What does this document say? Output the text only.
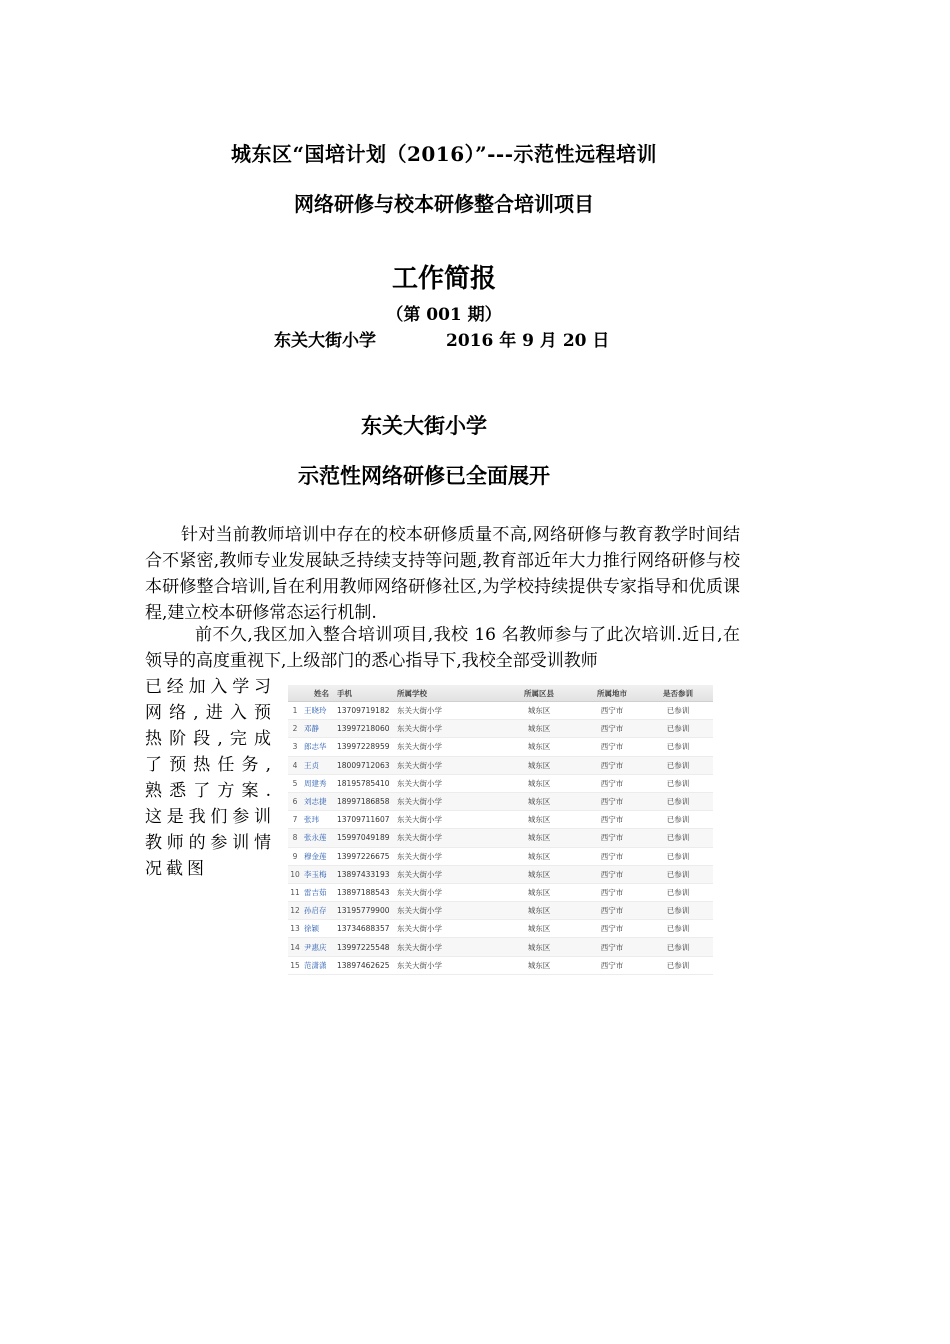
城东区“国培计划（2016）”---示范性远程培训
网络研修与校本研修整合培训项目
工作简报
（第 001 期）
东关大街小学	2016 年 9 月 20 日
东关大街小学
示范性网络研修已全面展开
针对当前教师培训中存在的校本研修质量不高,网络研修与教育教学时间结合不紧密,教师专业发展缺乏持续支持等问题,教育部近年大力推行网络研修与校本研修整合培训,旨在利用教师网络研修社区,为学校持续提供专家指导和优质课程,建立校本研修常态运行机制.
前不久,我区加入整合培训项目,我校 16 名教师参与了此次培训.近日,在领导的高度重视下,上级部门的悉心指导下,我校全部受训教师
已经加入学习网络,进入预热阶段,完成了预热任务,熟悉了方案.这是我们参训教师的参训情况截图
姓名	手机	所属学校	所属区县	所属地市	是否参训
1 王晓玲	13709719182	东关大街小学	城东区	西宁市	已参训
2 邓静	13997218060	东关大街小学	城东区	西宁市	已参训
3 郎志华	13997228959	东关大街小学	城东区	西宁市	已参训
4 王贞	18009712063	东关大街小学	城东区	西宁市	已参训
5 周建秀	18195785410	东关大街小学	城东区	西宁市	已参训
6 刘志捷	18997186858	东关大街小学	城东区	西宁市	已参训
7 张玮	13709711607	东关大街小学	城东区	西宁市	已参训
8 张永莲	15997049189	东关大街小学	城东区	西宁市	已参训
9 穆金莲	13997226675	东关大街小学	城东区	西宁市	已参训
10 李玉梅	13897433193	东关大街小学	城东区	西宁市	已参训
11 雷吉茹	13897188543	东关大街小学	城东区	西宁市	已参训
12 孙启存	13195779900	东关大街小学	城东区	西宁市	已参训
13 徐颖	13734688357	东关大街小学	城东区	西宁市	已参训
14 尹惠庆	13997225548	东关大街小学	城东区	西宁市	已参训
15 范潇潇	13897462625	东关大街小学	城东区	西宁市	已参训
